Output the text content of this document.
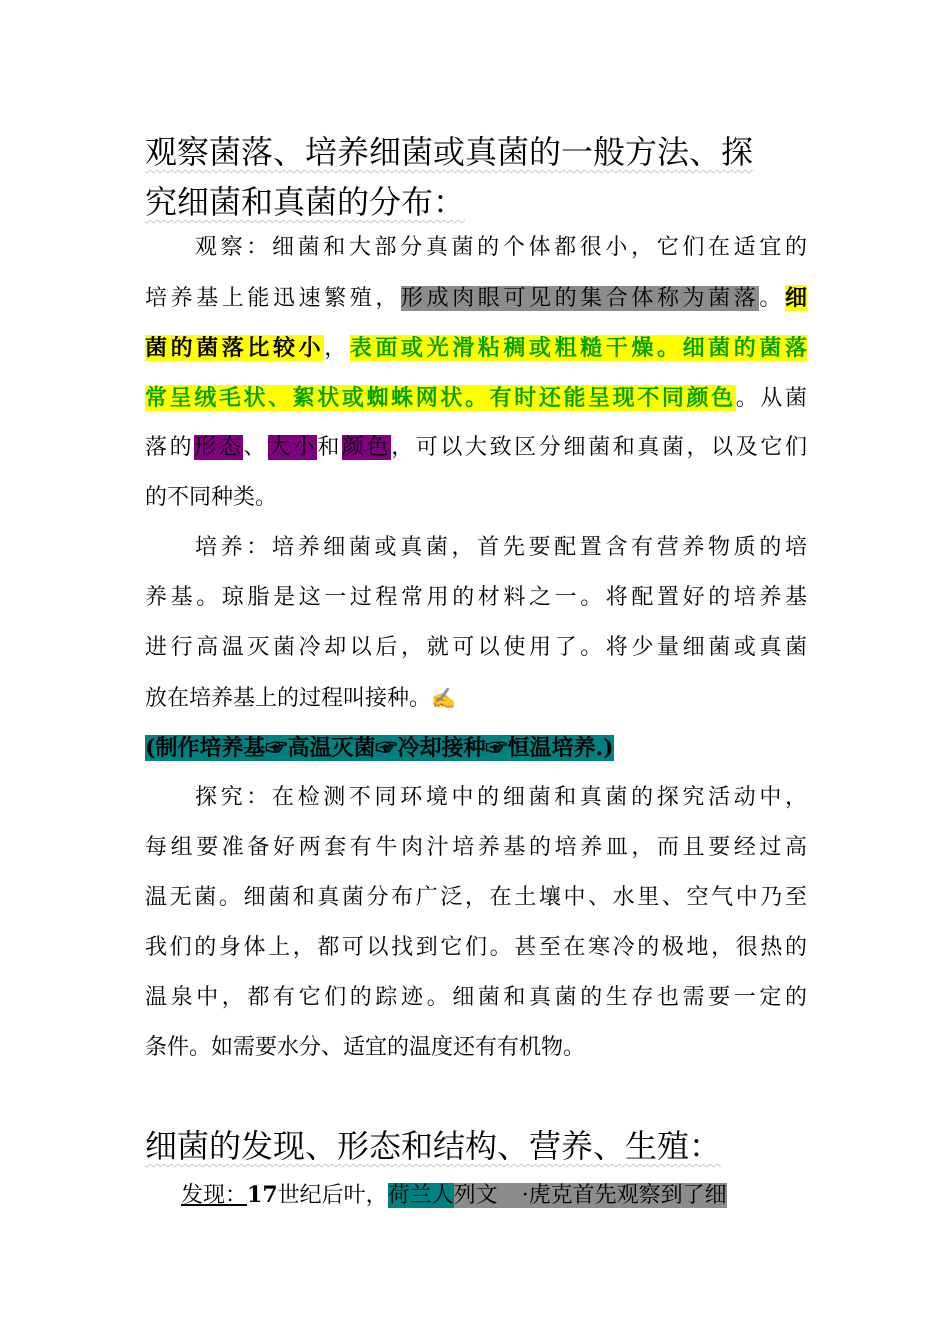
观察菌落、培养细菌或真菌的一般方法、探
究细菌和真菌的分布：
观察：细菌和大部分真菌的个体都很小，它们在适宜的
培养基上能迅速繁殖，形成肉眼可见的集合体称为菌落。细
菌的菌落比较小，表面或光滑粘稠或粗糙干燥。细菌的菌落
常呈绒毛状、絮状或蜘蛛网状。有时还能呈现不同颜色。从菌
落的形态、大小和颜色，可以大致区分细菌和真菌，以及它们
的不同种类。
培养：培养细菌或真菌，首先要配置含有营养物质的培
养基。琼脂是这一过程常用的材料之一。将配置好的培养基
进行高温灭菌冷却以后，就可以使用了。将少量细菌或真菌
放在培养基上的过程叫接种。✍
(制作培养基☞高温灭菌☞冷却接种☞恒温培养.)
探究：在检测不同环境中的细菌和真菌的探究活动中，
每组要准备好两套有牛肉汁培养基的培养皿，而且要经过高
温无菌。细菌和真菌分布广泛，在土壤中、水里、空气中乃至
我们的身体上，都可以找到它们。甚至在寒冷的极地，很热的
温泉中，都有它们的踪迹。细菌和真菌的生存也需要一定的
条件。如需要水分、适宜的温度还有有机物。
细菌的发现、形态和结构、营养、生殖：
发现：17世纪后叶，荷兰人列文 ·虎克首先观察到了细
